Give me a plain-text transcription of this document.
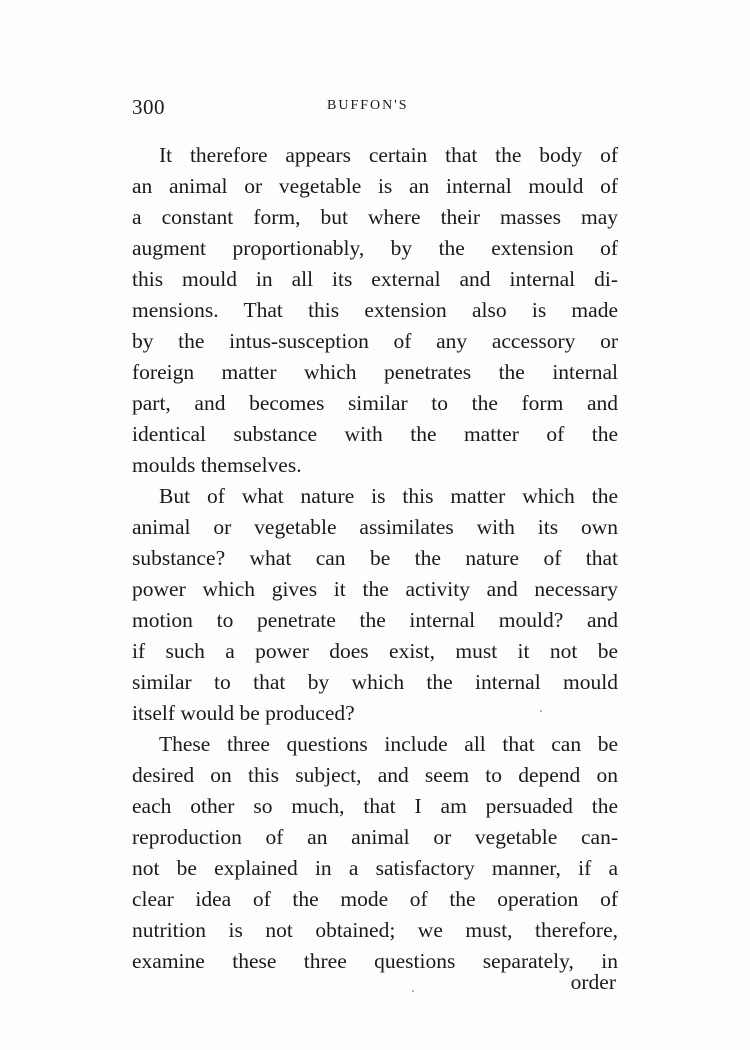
300	BUFFON'S
It therefore appears certain that the body of
an animal or vegetable is an internal mould of
a constant form, but where their masses may
augment proportionably, by the extension of
this mould in all its external and internal di-
mensions. That this extension also is made
by the intus-susception of any accessory or
foreign matter which penetrates the internal
part, and becomes similar to the form and
identical substance with the matter of the
moulds themselves.
But of what nature is this matter which the
animal or vegetable assimilates with its own
substance? what can be the nature of that
power which gives it the activity and necessary
motion to penetrate the internal mould? and
if such a power does exist, must it not be
similar to that by which the internal mould
itself would be produced?
These three questions include all that can be
desired on this subject, and seem to depend on
each other so much, that I am persuaded the
reproduction of an animal or vegetable can-
not be explained in a satisfactory manner, if a
clear idea of the mode of the operation of
nutrition is not obtained; we must, therefore,
examine these three questions separately, in
order
